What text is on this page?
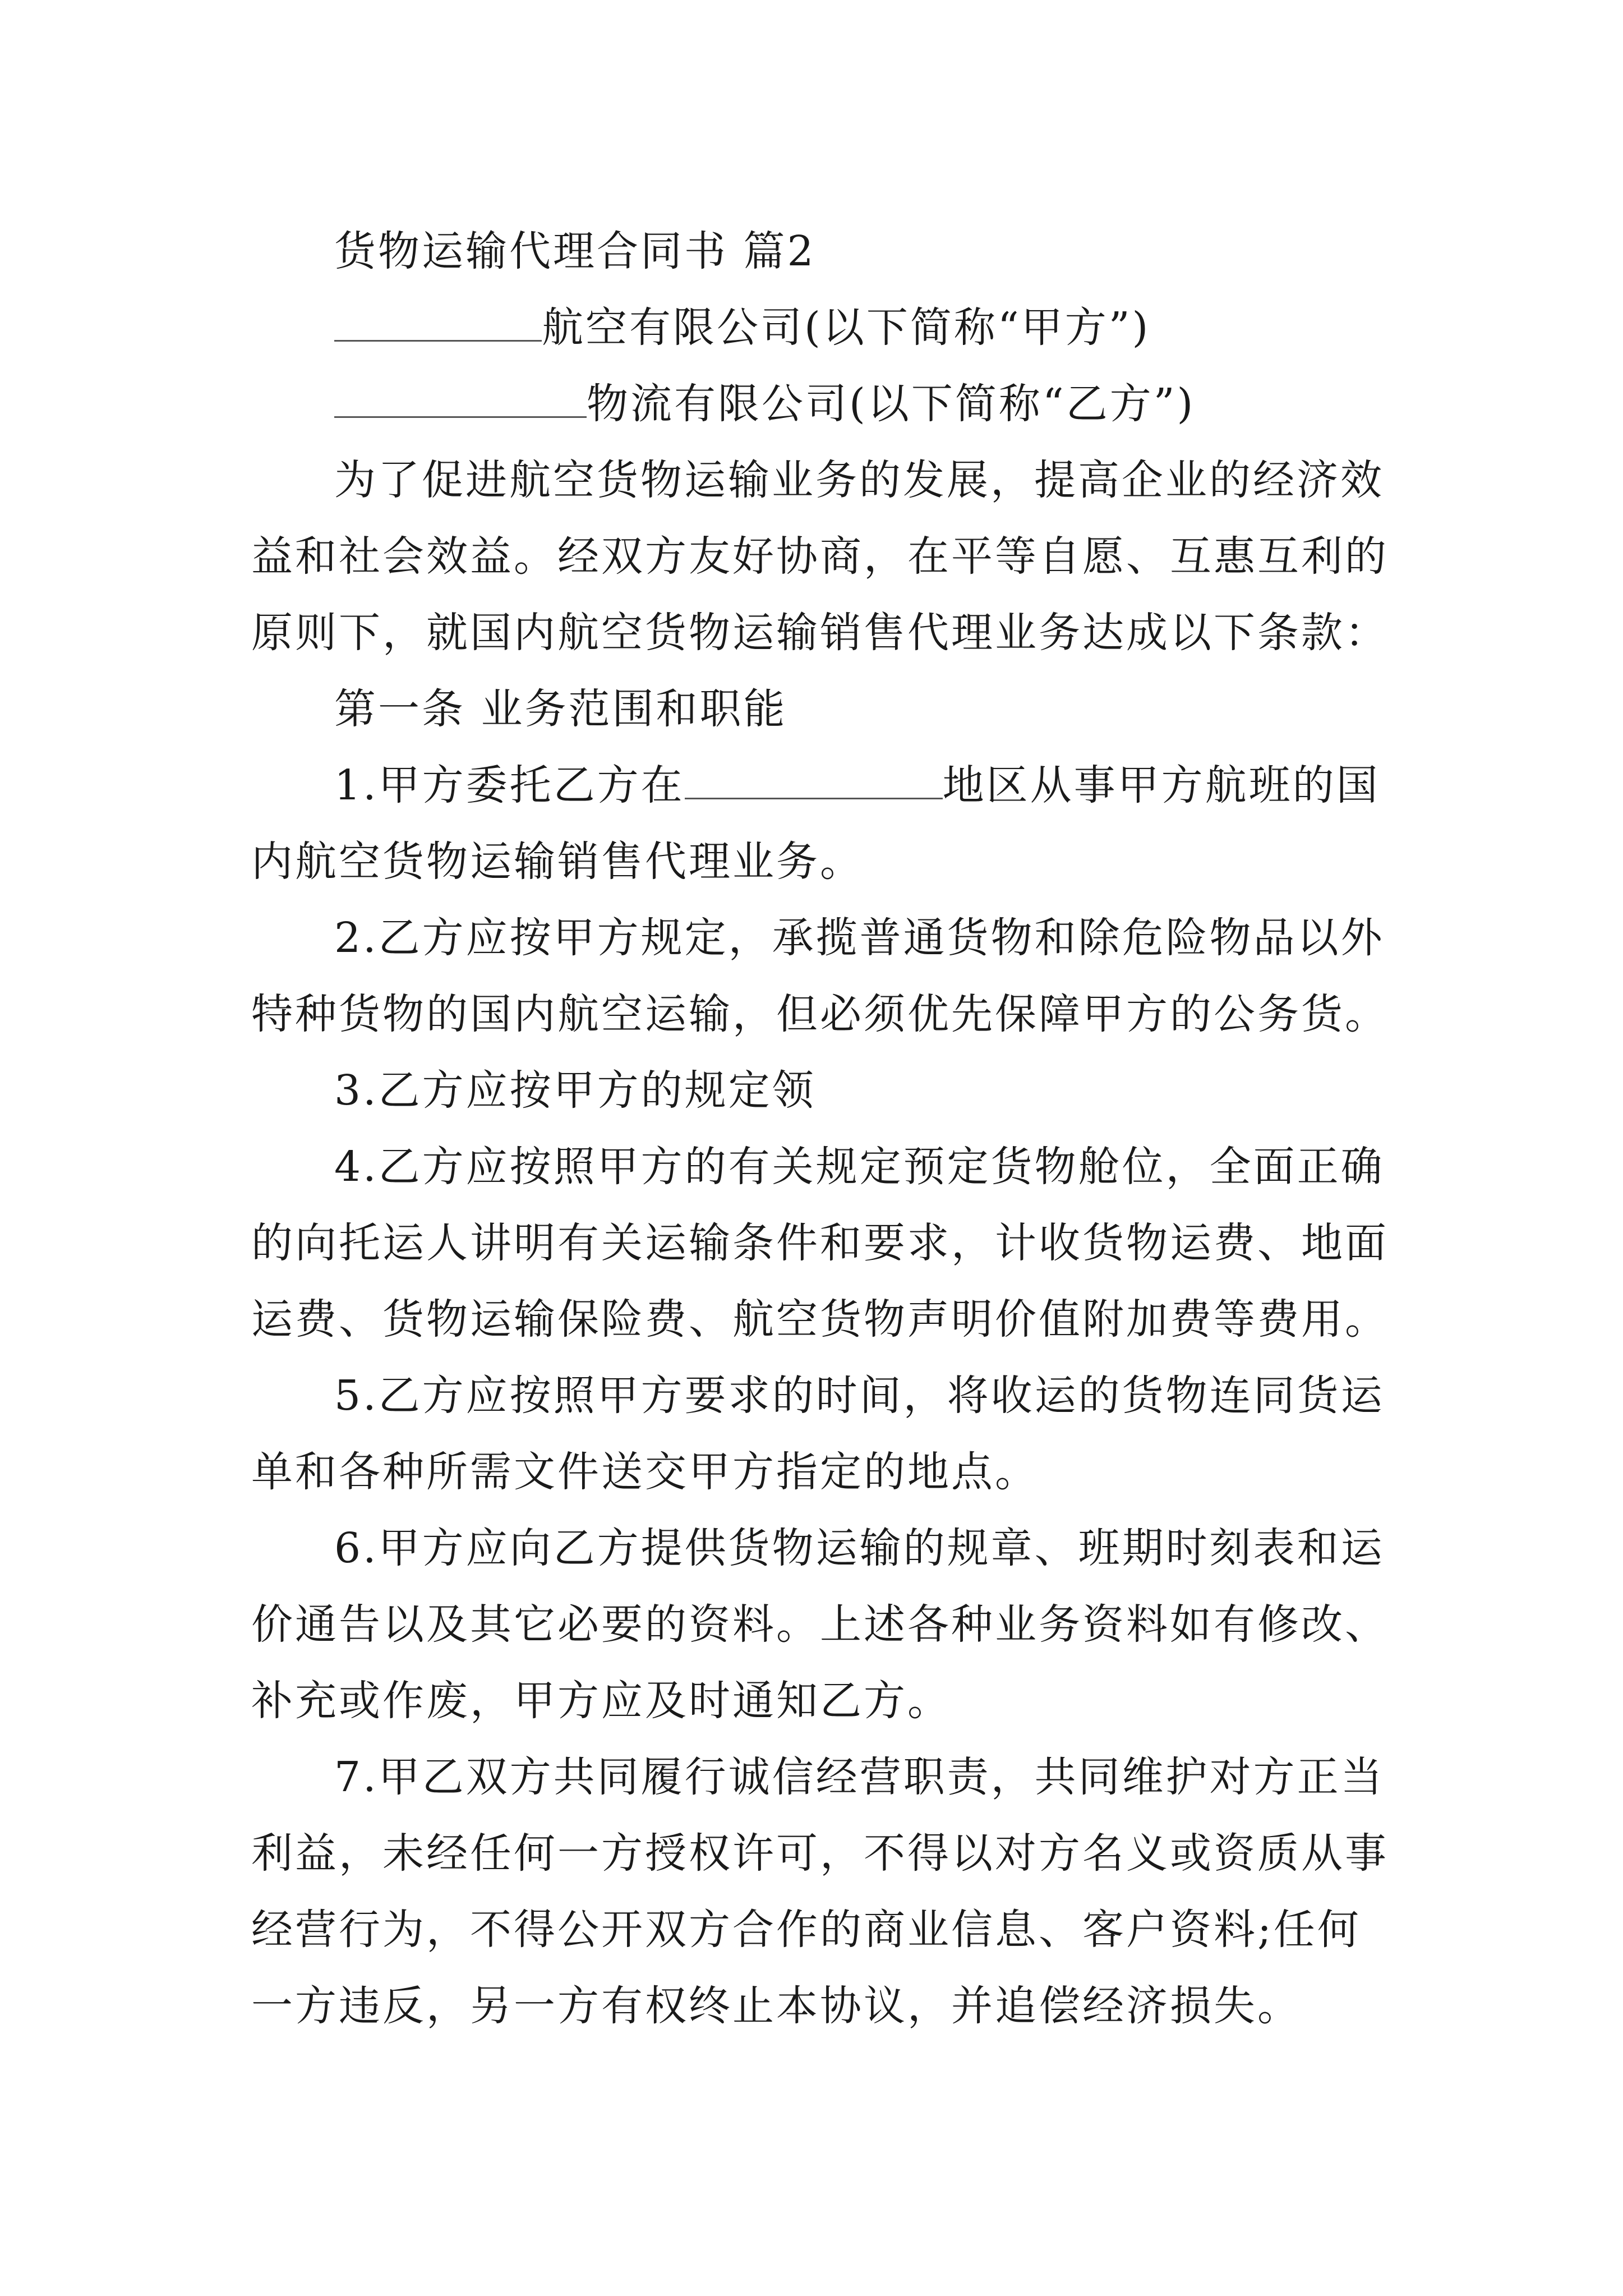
货物运输代理合同书 篇2
航空有限公司(以下简称“甲方”)
物流有限公司(以下简称“乙方”)
为了促进航空货物运输业务的发展，提高企业的经济效
益和社会效益。经双方友好协商，在平等自愿、互惠互利的
原则下，就国内航空货物运输销售代理业务达成以下条款：
第一条 业务范围和职能
1.甲方委托乙方在	地区从事甲方航班的国
内航空货物运输销售代理业务。
2.乙方应按甲方规定，承揽普通货物和除危险物品以外
特种货物的国内航空运输，但必须优先保障甲方的公务货。
3.乙方应按甲方的规定领
4.乙方应按照甲方的有关规定预定货物舱位，全面正确
的向托运人讲明有关运输条件和要求，计收货物运费、地面
运费、货物运输保险费、航空货物声明价值附加费等费用。
5.乙方应按照甲方要求的时间，将收运的货物连同货运
单和各种所需文件送交甲方指定的地点。
6.甲方应向乙方提供货物运输的规章、班期时刻表和运
价通告以及其它必要的资料。上述各种业务资料如有修改、
补充或作废，甲方应及时通知乙方。
7.甲乙双方共同履行诚信经营职责，共同维护对方正当
利益，未经任何一方授权许可，不得以对方名义或资质从事
经营行为，不得公开双方合作的商业信息、客户资料;任何
一方违反，另一方有权终止本协议，并追偿经济损失。
